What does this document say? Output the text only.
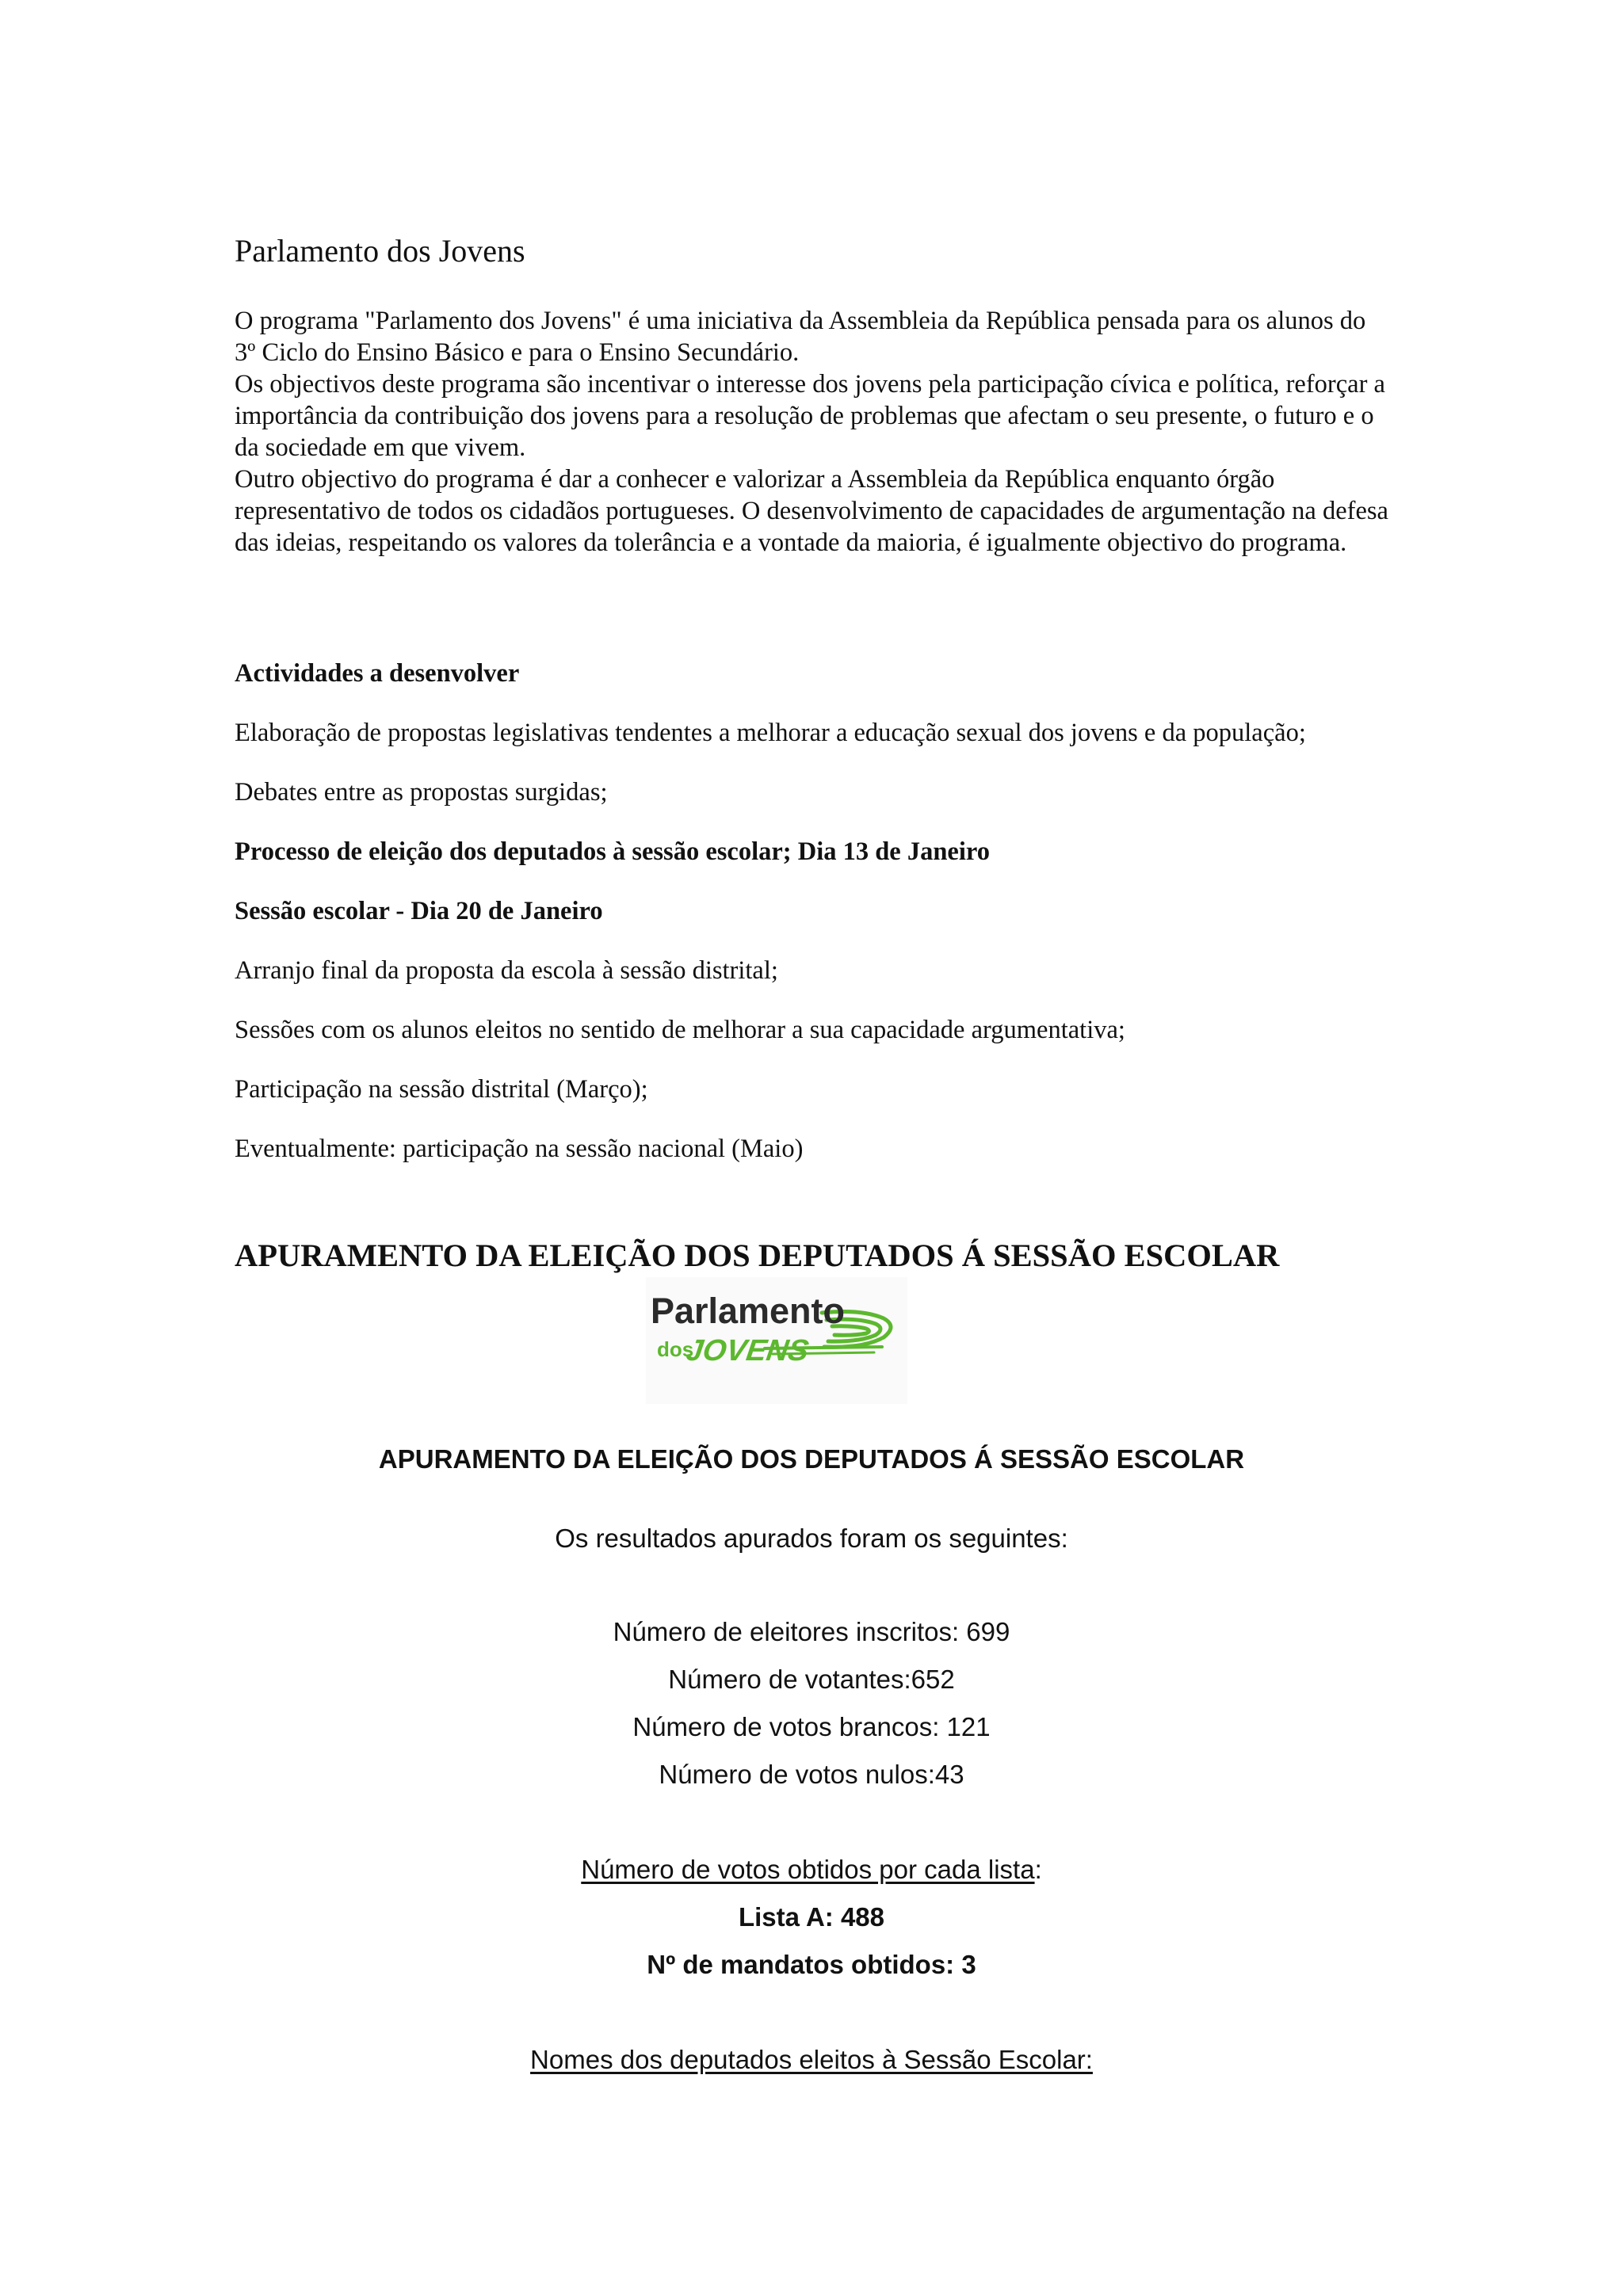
Parlamento dos Jovens

O programa "Parlamento dos Jovens" é uma iniciativa da Assembleia da República pensada para os alunos do 3º Ciclo do Ensino Básico e para o Ensino Secundário.

Os objectivos deste programa são incentivar o interesse dos jovens pela participação cívica e política, reforçar a importância da contribuição dos jovens para a resolução de problemas que afectam o seu presente, o futuro e o da sociedade em que vivem.

Outro objectivo do programa é dar a conhecer e valorizar a Assembleia da República enquanto órgão representativo de todos os cidadãos portugueses. O desenvolvimento de capacidades de argumentação na defesa das ideias, respeitando os valores da tolerância e a vontade da maioria, é igualmente objectivo do programa.

Actividades a desenvolver
Elaboração de propostas legislativas tendentes a melhorar a educação sexual dos jovens e da população;
Debates entre as propostas surgidas;
Processo de eleição dos deputados à sessão escolar; Dia 13 de Janeiro
Sessão escolar - Dia 20 de Janeiro
Arranjo final da proposta da escola à sessão distrital;
Sessões com os alunos eleitos no sentido de melhorar a sua capacidade argumentativa;
Participação na sessão distrital (Março);
Eventualmente: participação na sessão nacional (Maio)
APURAMENTO DA ELEIÇÃO DOS DEPUTADOS Á SESSÃO ESCOLAR
Parlamento
dos
JOVENS
APURAMENTO DA ELEIÇÃO DOS DEPUTADOS Á SESSÃO ESCOLAR
Os resultados apurados foram os seguintes:
Número de eleitores inscritos: 699
Número de votantes:652
Número de votos brancos: 121
Número de votos nulos:43
Número de votos obtidos por cada lista:
Lista A: 488
Nº de mandatos obtidos: 3
Nomes dos deputados eleitos à Sessão Escolar:
